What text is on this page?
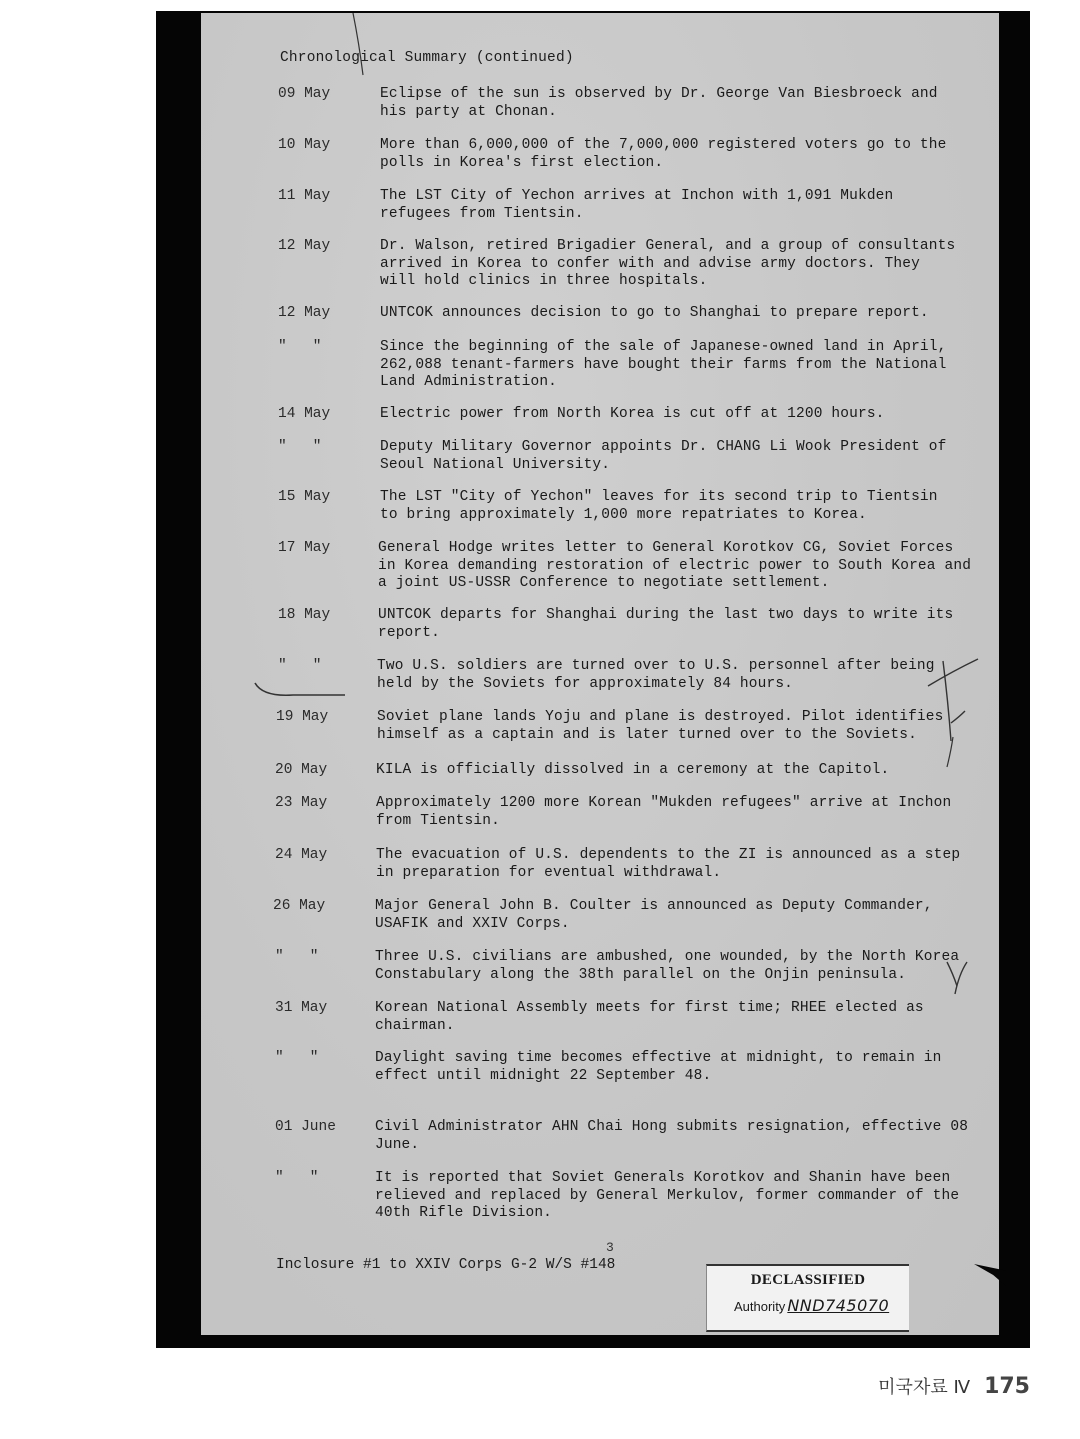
Chronological Summary (continued)
09 May	Eclipse of the sun is observed by Dr. George Van Biesbroeck and his party at Chonan.
10 May	More than 6,000,000 of the 7,000,000 registered voters go to the polls in Korea's first election.
11 May	The LST City of Yechon arrives at Inchon with 1,091 Mukden refugees from Tientsin.
12 May	Dr. Walson, retired Brigadier General, and a group of consultants arrived in Korea to confer with and advise army doctors. They will hold clinics in three hospitals.
12 May	UNTCOK announces decision to go to Shanghai to prepare report.
"   "	Since the beginning of the sale of Japanese-owned land in April, 262,088 tenant-farmers have bought their farms from the National Land Administration.
14 May	Electric power from North Korea is cut off at 1200 hours.
"   "	Deputy Military Governor appoints Dr. CHANG Li Wook President of Seoul National University.
15 May	The LST "City of Yechon" leaves for its second trip to Tientsin to bring approximately 1,000 more repatriates to Korea.
17 May	General Hodge writes letter to General Korotkov CG, Soviet Forces in Korea demanding restoration of electric power to South Korea and a joint US-USSR Conference to negotiate settlement.
18 May	UNTCOK departs for Shanghai during the last two days to write its report.
"   "	Two U.S. soldiers are turned over to U.S. personnel after being held by the Soviets for approximately 84 hours.
19 May	Soviet plane lands Yoju and plane is destroyed. Pilot identifies himself as a captain and is later turned over to the Soviets.
20 May	KILA is officially dissolved in a ceremony at the Capitol.
23 May	Approximately 1200 more Korean "Mukden refugees" arrive at Inchon from Tientsin.
24 May	The evacuation of U.S. dependents to the ZI is announced as a step in preparation for eventual withdrawal.
26 May	Major General John B. Coulter is announced as Deputy Commander, USAFIK and XXIV Corps.
"   "	Three U.S. civilians are ambushed, one wounded, by the North Korea Constabulary along the 38th parallel on the Onjin peninsula.
31 May	Korean National Assembly meets for first time; RHEE elected as chairman.
"   "	Daylight saving time becomes effective at midnight, to remain in effect until midnight 22 September 48.
01 June	Civil Administrator AHN Chai Hong submits resignation, effective 08 June.
"   "	It is reported that Soviet Generals Korotkov and Shanin have been relieved and replaced by General Merkulov, former commander of the 40th Rifle Division.
3
Inclosure #1 to XXIV Corps G-2 W/S #148
DECLASSIFIED
Authority NND745070
미국자료 Ⅳ 175
